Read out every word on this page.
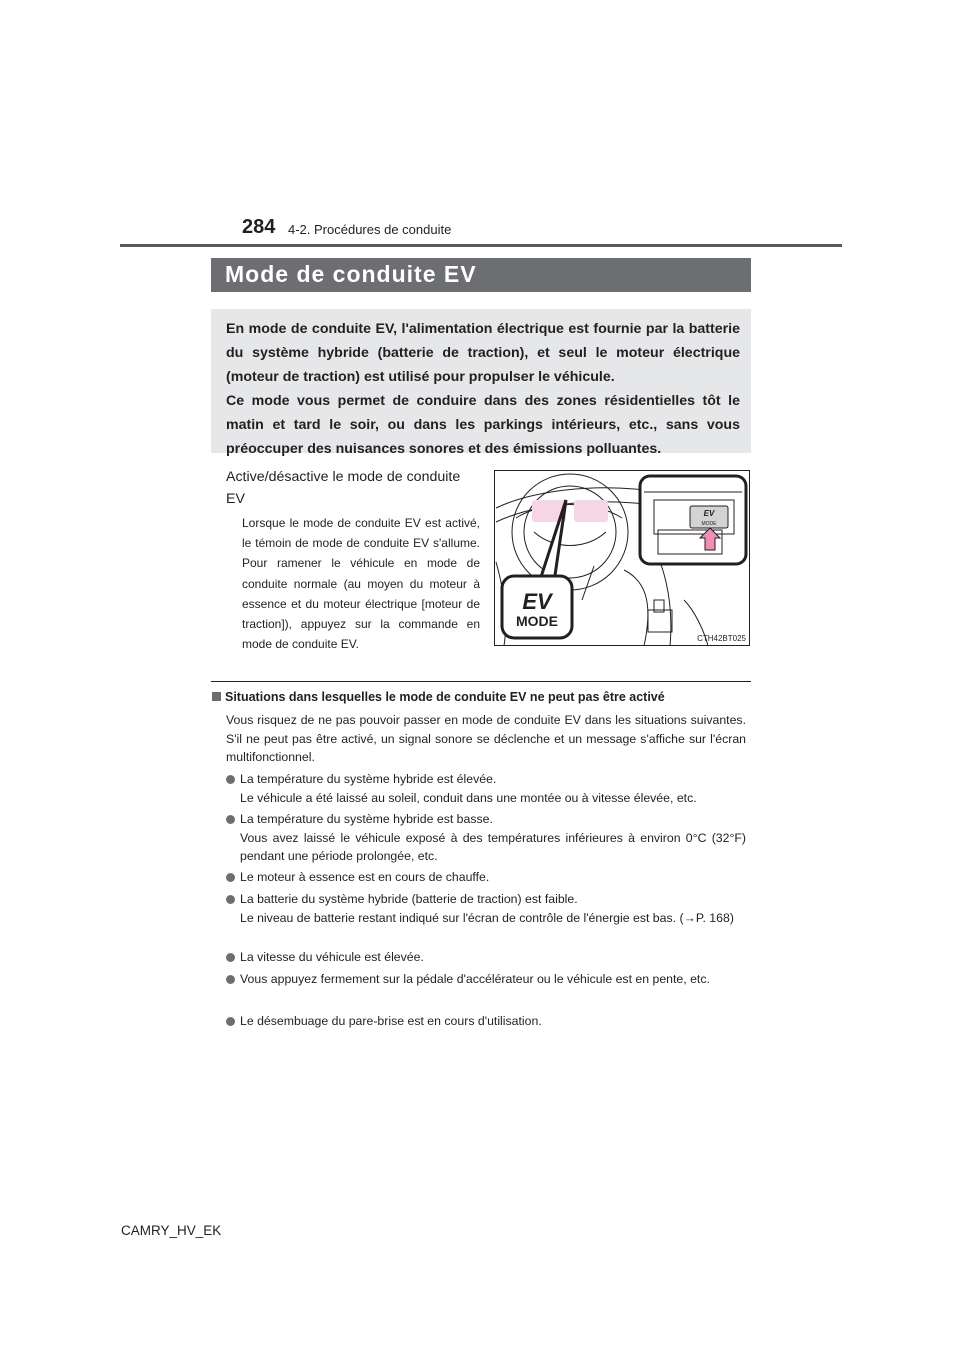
284 4-2. Procédures de conduite
Mode de conduite EV

En mode de conduite EV, l'alimentation électrique est fournie par la batterie du système hybride (batterie de traction), et seul le moteur électrique (moteur de traction) est utilisé pour propulser le véhicule.

Ce mode vous permet de conduire dans des zones résidentielles tôt le matin et tard le soir, ou dans les parkings intérieurs, etc., sans vous préoccuper des nuisances sonores et des émissions polluantes.

Active/désactive le mode de conduite EV
Lorsque le mode de conduite EV est activé, le témoin de mode de conduite EV s'allume. Pour ramener le véhicule en mode de conduite normale (au moyen du moteur à essence et du moteur électrique [moteur de traction]), appuyez sur la commande en mode de conduite EV.
EV
MODE
EV
MODE
CTH42BT025
Situations dans lesquelles le mode de conduite EV ne peut pas être activé
Vous risquez de ne pas pouvoir passer en mode de conduite EV dans les situations suivantes. S'il ne peut pas être activé, un signal sonore se déclenche et un message s'affiche sur l'écran multifonctionnel.
La température du système hybride est élevée.
Le véhicule a été laissé au soleil, conduit dans une montée ou à vitesse élevée, etc.
La température du système hybride est basse.
Vous avez laissé le véhicule exposé à des températures inférieures à environ 0°C (32°F) pendant une période prolongée, etc.
Le moteur à essence est en cours de chauffe.
La batterie du système hybride (batterie de traction) est faible.
Le niveau de batterie restant indiqué sur l'écran de contrôle de l'énergie est bas. (→P. 168)
La vitesse du véhicule est élevée.
Vous appuyez fermement sur la pédale d'accélérateur ou le véhicule est en pente, etc.
Le désembuage du pare-brise est en cours d'utilisation.
CAMRY_HV_EK
